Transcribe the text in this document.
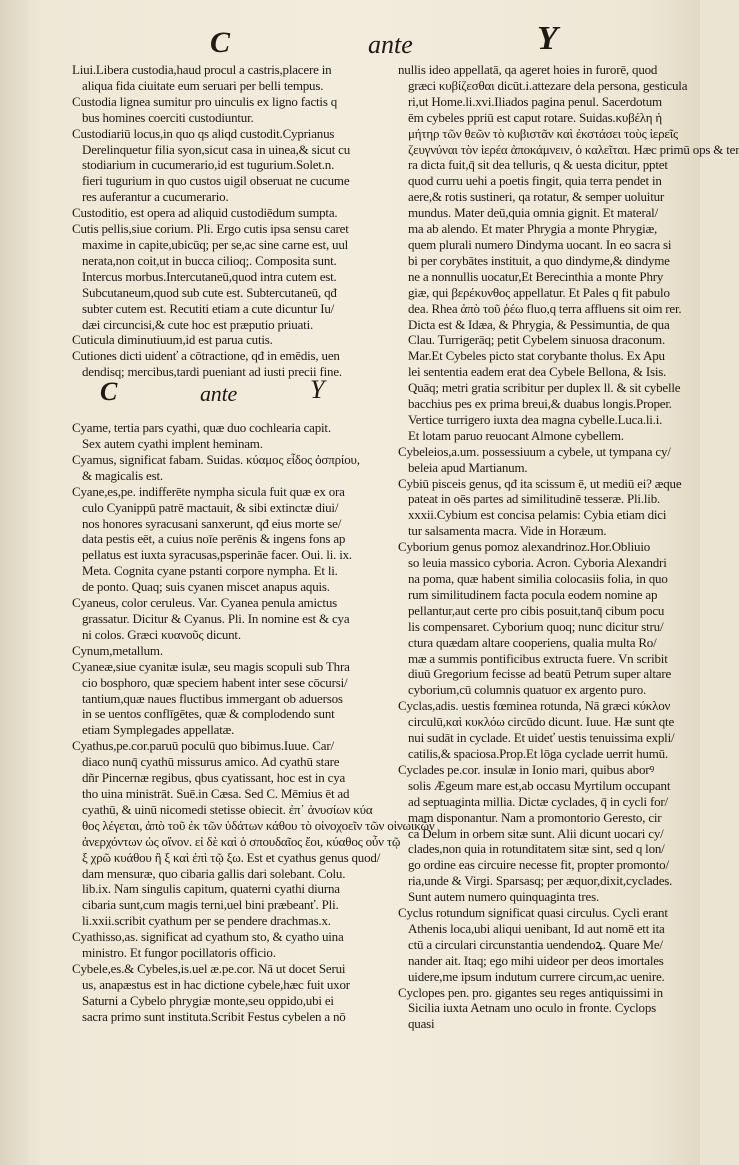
C	ante	Y
Liui.Libera custodia,haud procul a castris,placere in
aliqua fida ciuitate eum seruari per belli tempus.
Custodia lignea sumitur pro uinculis ex ligno factis q
bus homines coerciti custodiuntur.
Custodiariū locus,in quo qs aliqd custodit.Cyprianus
Derelinquetur filia syon,sicut casa in uinea,& sicut cu
stodiarium in cucumerario,id est tugurium.Solet.n.
fieri tugurium in quo custos uigil obseruat ne cucume
res auferantur a cucumerario.
Custoditio, est opera ad aliquid custodiēdum sumpta.
Cutis pellis,siue corium. Pli. Ergo cutis ipsa sensu caret
maxime in capite,ubicūq; per se,ac sine carne est, uul
nerata,non coit,ut in bucca cilioq;. Composita sunt.
Intercus morbus.Intercutaneū,quod intra cutem est.
Subcutaneum,quod sub cute est. Subtercutaneū, qđ
subter cutem est. Recutiti etiam a cute dicuntur Iu/
dæi circuncisi,& cute hoc est præputio priuati.
Cuticula diminutiuum,id est parua cutis.
Cutiones dicti uidenť a cōtractione, qđ in emēdis, uen
dendisq; mercibus,tardi pueniant ad iusti precii fine.
C	ante	Y
Cyame, tertia pars cyathi, quæ duo cochlearia capit.
Sex autem cyathi implent heminam.
Cyamus, significat fabam. Suidas. κύαμος εἶδος ὀσπρίου,
& magicalis est.
Cyane,es,pe. indifferēte nympha sicula fuit quæ ex ora
culo Cyanippū patrē mactauit, & sibi extinctæ diui/
nos honores syracusani sanxerunt, qđ eius morte se/
data pestis eēt, a cuius noīe perēnis & ingens fons ap
pellatus est iuxta syracusas,psperināe facer. Oui. li. ix.
Meta. Cognita cyane pstanti corpore nympha. Et li.
de ponto. Quaq; suis cyanen miscet anapus aquis.
Cyaneus, color ceruleus. Var. Cyanea penula amictus
grassatur. Dicitur & Cyanus. Pli. In nomine est & cya
ni colos. Græci κυανοῦς dicunt.
Cynum,metallum.
Cyaneæ,siue cyanitæ isulæ, seu magis scopuli sub Thra
cio bosphoro, quæ speciem habent inter sese cōcursi/
tantium,quæ naues fluctibus immergant ob aduersos
in se uentos conflīgētes, quæ & complodendo sunt
etiam Symplegades appellatæ.
Cyathus,pe.cor.paruū poculū quo bibimus.Iuue. Car/
diaco nunq̄ cyathū missurus amico. Ad cyathū stare
dñr Pincernæ regibus, qbus cyatissant, hoc est in cya
tho uina ministrāt. Suē.in Cæsa. Sed C. Mēmius ēt ad
cyathū, & uinū nicomedi stetisse obiecit. ἐπ᾽ ἀνυσίων κύα
θος λέγεται, ἀπὸ τοῦ ἐκ τῶν ὑδάτων κάθου τὸ οἰνοχοεῖν τῶν οἰνωικῶν
ἀνερχόντων ὡς οἴνον. εἰ δὲ καὶ ὁ σπουδαῖος ἔοι, κύαθος οὖν τῷ
ξ χρῶ κυάθου ἢ ξ καὶ ἐπὶ τῷ ξω. Est et cyathus genus quod/
dam mensuræ, quo cibaria gallis dari solebant. Colu.
lib.ix. Nam singulis capitum, quaterni cyathi diurna
cibaria sunt,cum magis terni,uel bini præbeanť. Pli.
li.xxii.scribit cyathum per se pendere drachmas.x.
Cyathisso,as. significat ad cyathum sto, & cyatho uina
ministro. Et fungor pocillatoris officio.
Cybele,es.& Cybeles,is.uel æ.pe.cor. Nā ut docet Serui
us, anapæstus est in hac dictione cybele,hæc fuit uxor
Saturni a Cybelo phrygiæ monte,seu oppido,ubi ei
sacra primo sunt instituta.Scribit Festus cybelen a nō
nullis ideo appellatā, qa ageret hoies in furorē, quod
græci κυβίζεσθαι dicūt.i.attezare dela persona, gesticula
ri,ut Home.li.xvi.Iliados pagina penul. Sacerdotum
ēm cybeles ppriū est caput rotare. Suidas.κυβέλη ἡ
μήτηρ τῶν θεῶν τὸ κυβιστᾶν καὶ ἐκστάσει τοὺς ἱερεῖς
ζευγνύναι τὸν ἱερέα ἀποκάμνειν, ὁ καλεῖται. Hæc primū ops & ter
ra dicta fuit,q̄ sit dea telluris, q & uesta dicitur, pptet
quod curru uehi a poetis fingit, quia terra pendet in
aere,& rotis sustineri, qa rotatur, & semper uoluitur
mundus. Mater deū,quia omnia gignit. Et materal/
ma ab alendo. Et mater Phrygia a monte Phrygiæ,
quem plurali numero Dindyma uocant. In eo sacra si
bi per corybātes instituit, a quo dindyme,& dindyme
ne a nonnullis uocatur,Et Berecinthia a monte Phry
giæ, qui βερέκυνθος appellatur. Et Pales q fit pabulo
dea. Rhea ἀπὸ τοῦ ῥέω fluo,q terra affluens sit oim rer.
Dicta est & Idæa, & Phrygia, & Pessimuntia, de qua
Clau. Turrigerāq; petit Cybelem sinuosa draconum.
Mar.Et Cybeles picto stat corybante tholus. Ex Apu
lei sententia eadem erat dea Cybele Bellona, & Isis.
Quāq; metri gratia scribitur per duplex ll. & sit cybelle
bacchius pes ex prima breui,& duabus longis.Proper.
Vertice turrigero iuxta dea magna cybelle.Luca.li.i.
Et lotam paruo reuocant Almone cybellem.
Cybeleios,a.um. possessiuum a cybele, ut tympana cy/
beleia apud Martianum.
Cybiū pisceis genus, qđ ita scissum ē, ut mediū ei? æque
pateat in oēs partes ad similitudinē tesseræ. Pli.lib.
xxxii.Cybium est concisa pelamis: Cybia etiam dici
tur salsamenta macra. Vide in Horæum.
Cyborium genus pomoz alexandrinoz.Hor.Obliuio
so leuia massico cyboria. Acron. Cyboria Alexandri
na poma, quæ habent similia colocasiis folia, in quo
rum similitudinem facta pocula eodem nomine ap
pellantur,aut certe pro cibis posuit,tanq̄ cibum pocu
lis compensaret. Cyborium quoq; nunc dicitur stru/
ctura quædam altare cooperiens, qualia multa Ro/
mæ a summis pontificibus extructa fuere. Vn scribit
diuū Gregorium fecisse ad beatū Petrum super altare
cyborium,cū columnis quatuor ex argento puro.
Cyclas,adis. uestis fœminea rotunda, Nā græci κύκλον
circulū,καὶ κυκλόω circūdo dicunt. Iuue. Hæ sunt qte
nui sudāt in cyclade. Et uideť uestis tenuissima expli/
catilis,& spaciosa.Prop.Et lōga cyclade uerrit humū.
Cyclades pe.cor. insulæ in Ionio mari, quibus aborꝰ
solis Ægeum mare est,ab occasu Myrtilum occupant
ad septuaginta millia. Dictæ cyclades, q̄ in cycli for/
mam disponantur. Nam a promontorio Geresto, cir
ca Delum in orbem sitæ sunt. Alii dicunt uocari cy/
clades,non quia in rotunditatem sitæ sint, sed q lon/
go ordine eas circuire necesse fit, propter promonto/
ria,unde & Virgi. Sparsasq; per æquor,dixit,cyclades.
Sunt autem numero quinquaginta tres.
Cyclus rotundum significat quasi circulus. Cycli erant
Athenis loca,ubi aliqui uenibant, Id aut nomē ett ita
ctū a circulari circunstantia uendendoꝝ. Quare Me/
nander ait. Itaq; ego mihi uideor per deos imortales
uidere,me ipsum indutum currere circum,ac uenire.
Cyclopes pen. pro. gigantes seu reges antiquissimi in
Sicilia iuxta Aetnam uno oculo in fronte. Cyclops
quasi
